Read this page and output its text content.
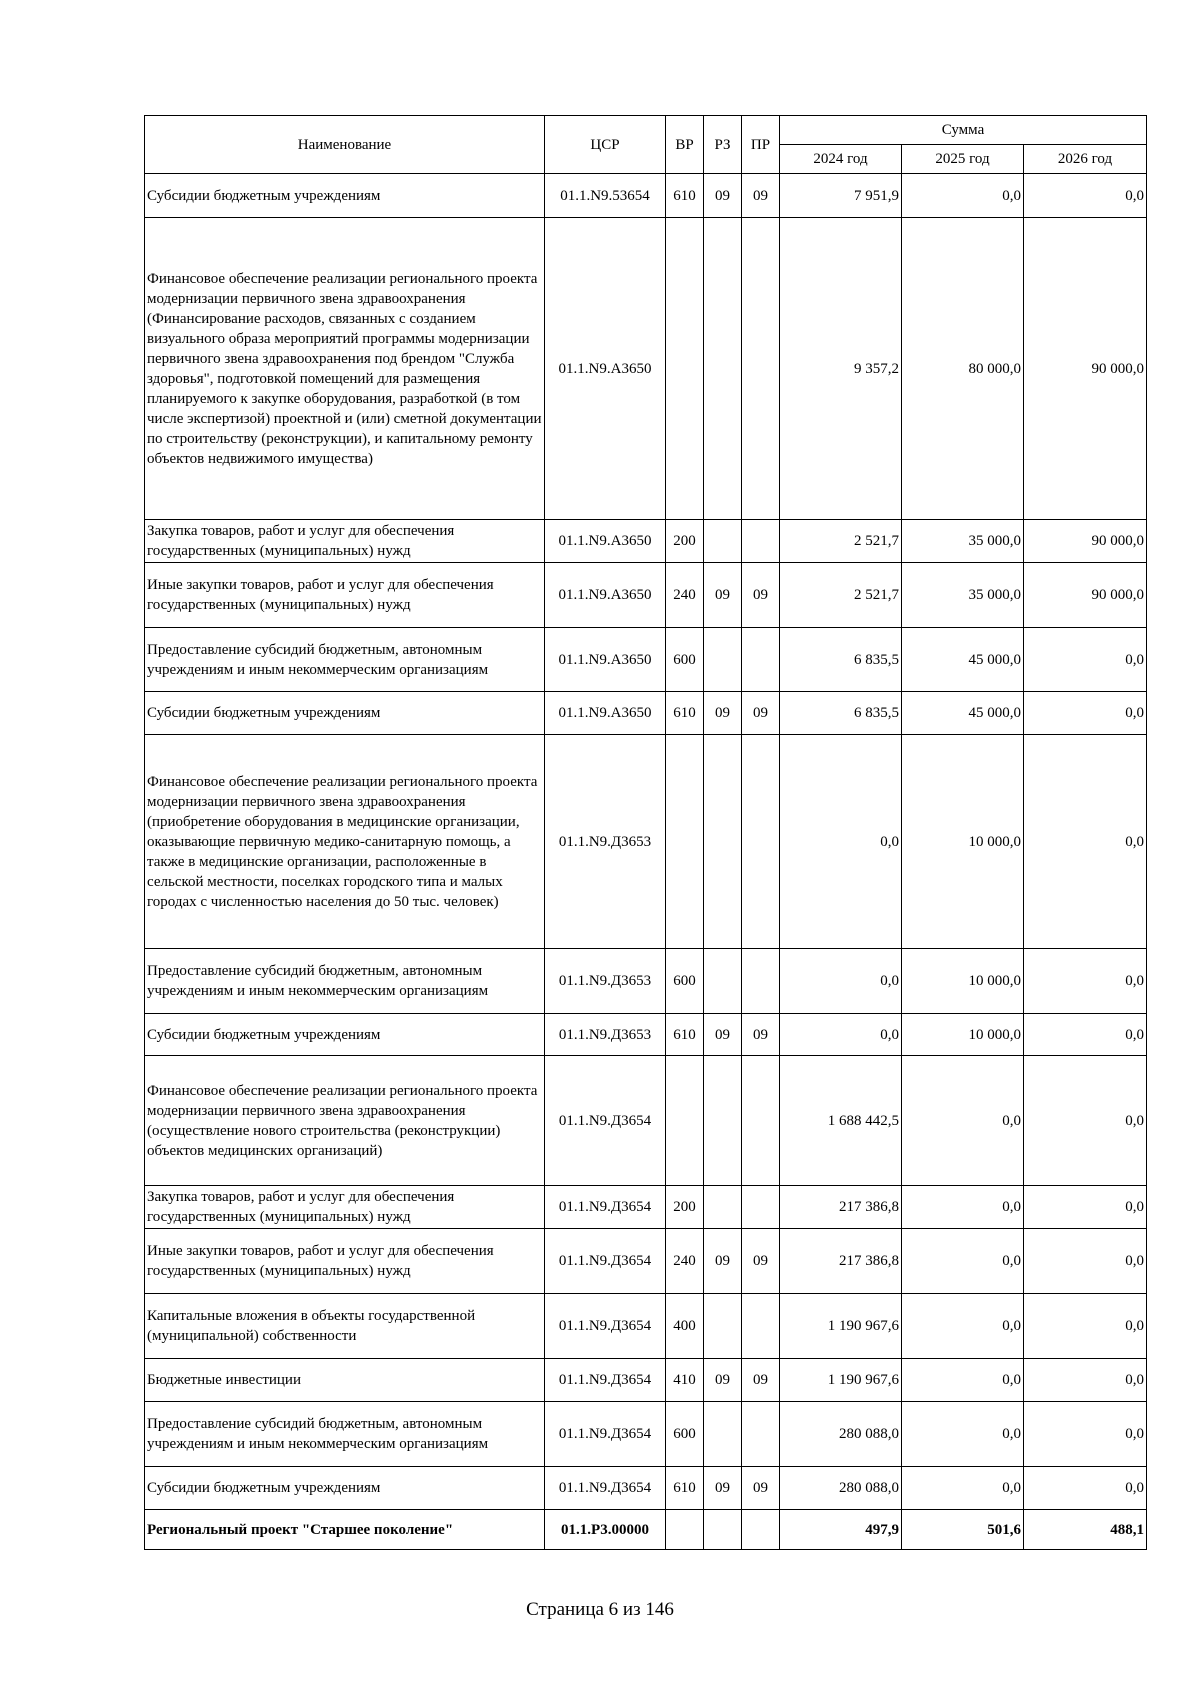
Наименование	ЦСР	ВР	РЗ	ПР	Сумма		
					2024 год	2025 год	2026 год
Субсидии бюджетным учреждениям	01.1.N9.53654	610	09	09	7 951,9	0,0	0,0
Финансовое обеспечение реализации регионального проекта модернизации первичного звена здравоохранения (Финансирование расходов, связанных с созданием визуального образа мероприятий программы модернизации первичного звена здравоохранения под брендом "Служба здоровья", подготовкой помещений для размещения планируемого к закупке оборудования, разработкой (в том числе экспертизой) проектной и (или) сметной документации по строительству (реконструкции), и капитальному ремонту объектов недвижимого имущества)	01.1.N9.А3650				9 357,2	80 000,0	90 000,0
Закупка товаров, работ и услуг для обеспечения государственных (муниципальных) нужд	01.1.N9.А3650	200			2 521,7	35 000,0	90 000,0
Иные закупки товаров, работ и услуг для обеспечения государственных (муниципальных) нужд	01.1.N9.А3650	240	09	09	2 521,7	35 000,0	90 000,0
Предоставление субсидий бюджетным, автономным учреждениям и иным некоммерческим организациям	01.1.N9.А3650	600			6 835,5	45 000,0	0,0
Субсидии бюджетным учреждениям	01.1.N9.А3650	610	09	09	6 835,5	45 000,0	0,0
Финансовое обеспечение реализации регионального проекта модернизации первичного звена здравоохранения (приобретение оборудования в медицинские организации, оказывающие первичную медико-санитарную помощь, а также в медицинские организации, расположенные в сельской местности, поселках городского типа и малых городах с численностью населения до 50 тыс. человек)	01.1.N9.Д3653				0,0	10 000,0	0,0
Предоставление субсидий бюджетным, автономным учреждениям и иным некоммерческим организациям	01.1.N9.Д3653	600			0,0	10 000,0	0,0
Субсидии бюджетным учреждениям	01.1.N9.Д3653	610	09	09	0,0	10 000,0	0,0
Финансовое обеспечение реализации регионального проекта модернизации первичного звена здравоохранения (осуществление нового строительства (реконструкции) объектов медицинских организаций)	01.1.N9.Д3654				1 688 442,5	0,0	0,0
Закупка товаров, работ и услуг для обеспечения государственных (муниципальных) нужд	01.1.N9.Д3654	200			217 386,8	0,0	0,0
Иные закупки товаров, работ и услуг для обеспечения государственных (муниципальных) нужд	01.1.N9.Д3654	240	09	09	217 386,8	0,0	0,0
Капитальные вложения в объекты государственной (муниципальной) собственности	01.1.N9.Д3654	400			1 190 967,6	0,0	0,0
Бюджетные инвестиции	01.1.N9.Д3654	410	09	09	1 190 967,6	0,0	0,0
Предоставление субсидий бюджетным, автономным учреждениям и иным некоммерческим организациям	01.1.N9.Д3654	600			280 088,0	0,0	0,0
Субсидии бюджетным учреждениям	01.1.N9.Д3654	610	09	09	280 088,0	0,0	0,0
Региональный проект "Старшее поколение"	01.1.Р3.00000				497,9	501,6	488,1
Страница 6 из 146
